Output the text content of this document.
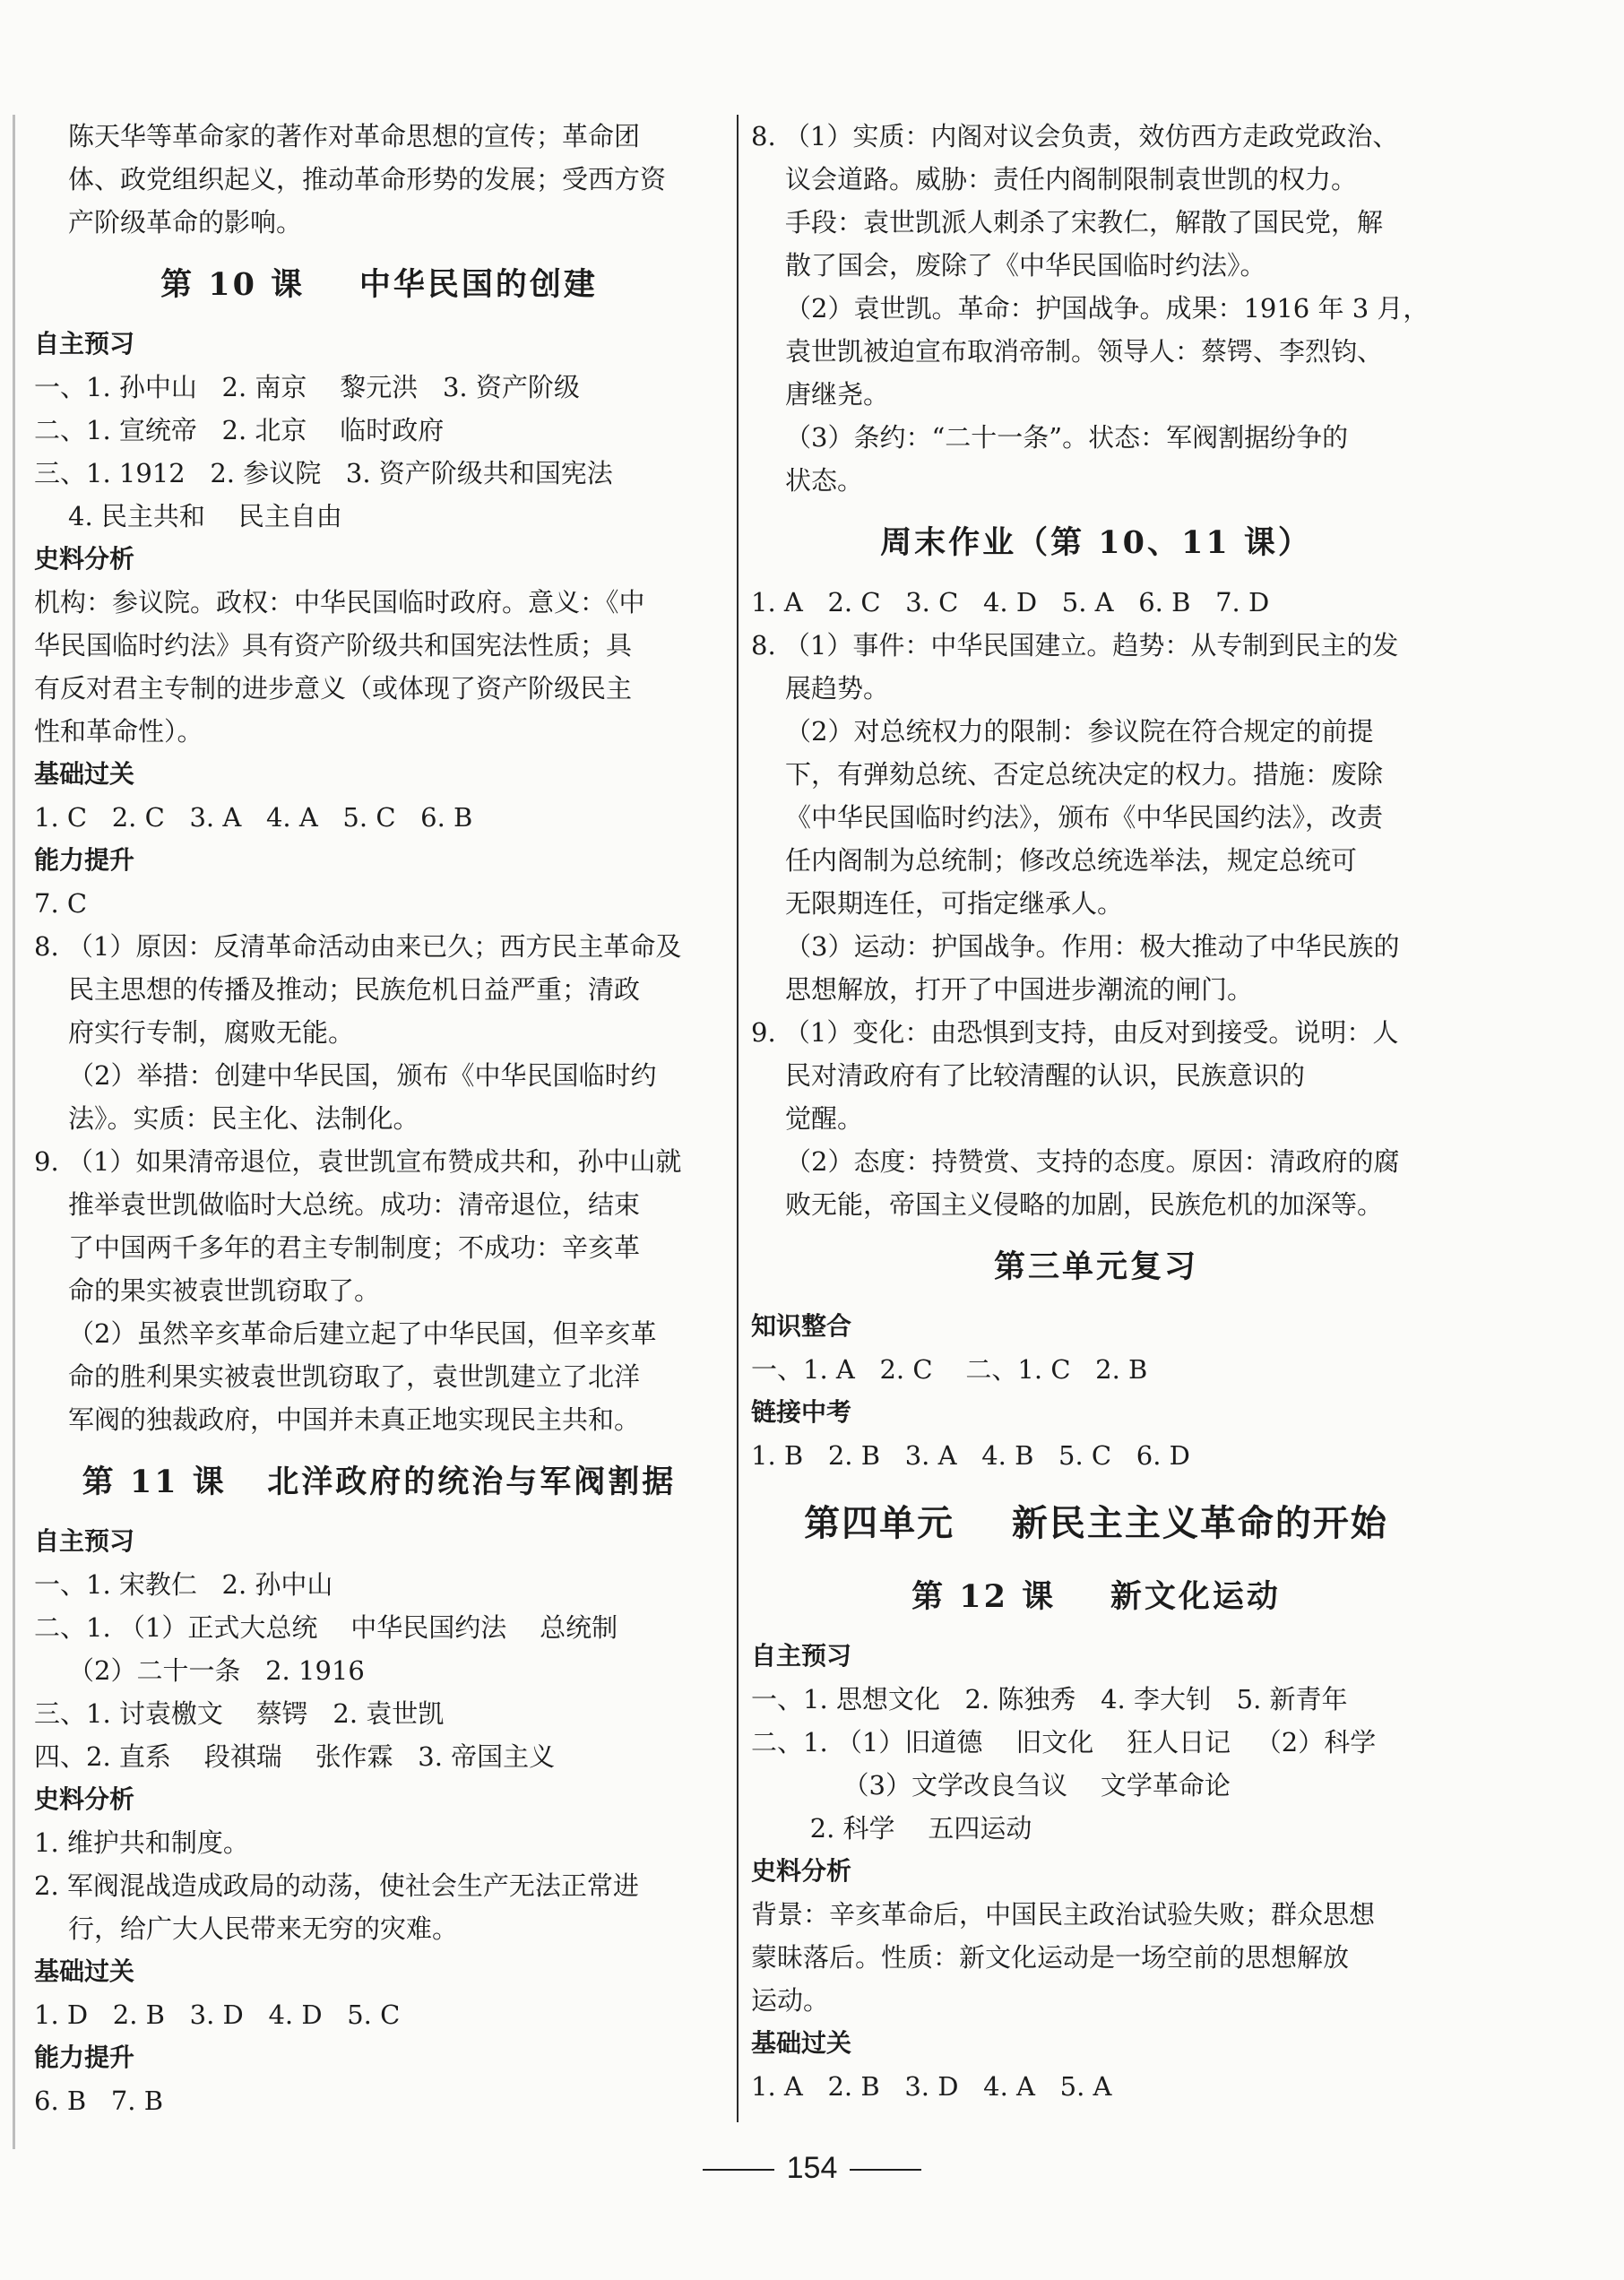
陈天华等革命家的著作对革命思想的宣传；革命团
体、政党组织起义，推动革命形势的发展；受西方资
产阶级革命的影响。
第 10 课    中华民国的创建
自主预习
一、1. 孙中山   2. 南京    黎元洪   3. 资产阶级
二、1. 宣统帝   2. 北京    临时政府
三、1. 1912   2. 参议院   3. 资产阶级共和国宪法
4. 民主共和    民主自由
史料分析
机构：参议院。政权：中华民国临时政府。意义：《中
华民国临时约法》具有资产阶级共和国宪法性质；具
有反对君主专制的进步意义（或体现了资产阶级民主
性和革命性）。
基础过关
1. C   2. C   3. A   4. A   5. C   6. B
能力提升
7. C
8. （1）原因：反清革命活动由来已久；西方民主革命及
民主思想的传播及推动；民族危机日益严重；清政
府实行专制，腐败无能。
（2）举措：创建中华民国，颁布《中华民国临时约
法》。实质：民主化、法制化。
9. （1）如果清帝退位，袁世凯宣布赞成共和，孙中山就
推举袁世凯做临时大总统。成功：清帝退位，结束
了中国两千多年的君主专制制度；不成功：辛亥革
命的果实被袁世凯窃取了。
（2）虽然辛亥革命后建立起了中华民国，但辛亥革
命的胜利果实被袁世凯窃取了，袁世凯建立了北洋
军阀的独裁政府，中国并未真正地实现民主共和。
第 11 课   北洋政府的统治与军阀割据
自主预习
一、1. 宋教仁   2. 孙中山
二、1. （1）正式大总统    中华民国约法    总统制
（2）二十一条   2. 1916
三、1. 讨袁檄文    蔡锷   2. 袁世凯
四、2. 直系    段祺瑞    张作霖   3. 帝国主义
史料分析
1. 维护共和制度。
2. 军阀混战造成政局的动荡，使社会生产无法正常进
行，给广大人民带来无穷的灾难。
基础过关
1. D   2. B   3. D   4. D   5. C
能力提升
6. B   7. B
8. （1）实质：内阁对议会负责，效仿西方走政党政治、
议会道路。威胁：责任内阁制限制袁世凯的权力。
手段：袁世凯派人刺杀了宋教仁，解散了国民党，解
散了国会，废除了《中华民国临时约法》。
（2）袁世凯。革命：护国战争。成果：1916 年 3 月，
袁世凯被迫宣布取消帝制。领导人：蔡锷、李烈钧、
唐继尧。
（3）条约：“二十一条”。状态：军阀割据纷争的
状态。
周末作业（第 10、11 课）
1. A   2. C   3. C   4. D   5. A   6. B   7. D
8. （1）事件：中华民国建立。趋势：从专制到民主的发
展趋势。
（2）对总统权力的限制：参议院在符合规定的前提
下，有弹劾总统、否定总统决定的权力。措施：废除
《中华民国临时约法》，颁布《中华民国约法》，改责
任内阁制为总统制；修改总统选举法，规定总统可
无限期连任，可指定继承人。
（3）运动：护国战争。作用：极大推动了中华民族的
思想解放，打开了中国进步潮流的闸门。
9. （1）变化：由恐惧到支持，由反对到接受。说明：人
民对清政府有了比较清醒的认识，民族意识的
觉醒。
（2）态度：持赞赏、支持的态度。原因：清政府的腐
败无能，帝国主义侵略的加剧，民族危机的加深等。
第三单元复习
知识整合
一、1. A   2. C    二、1. C   2. B
链接中考
1. B   2. B   3. A   4. B   5. C   6. D
第四单元    新民主主义革命的开始
第 12 课    新文化运动
自主预习
一、1. 思想文化   2. 陈独秀   4. 李大钊   5. 新青年
二、1. （1）旧道德    旧文化    狂人日记   （2）科学
（3）文学改良刍议    文学革命论
2. 科学    五四运动
史料分析
背景：辛亥革命后，中国民主政治试验失败；群众思想
蒙昧落后。性质：新文化运动是一场空前的思想解放
运动。
基础过关
1. A   2. B   3. D   4. A   5. A
154
